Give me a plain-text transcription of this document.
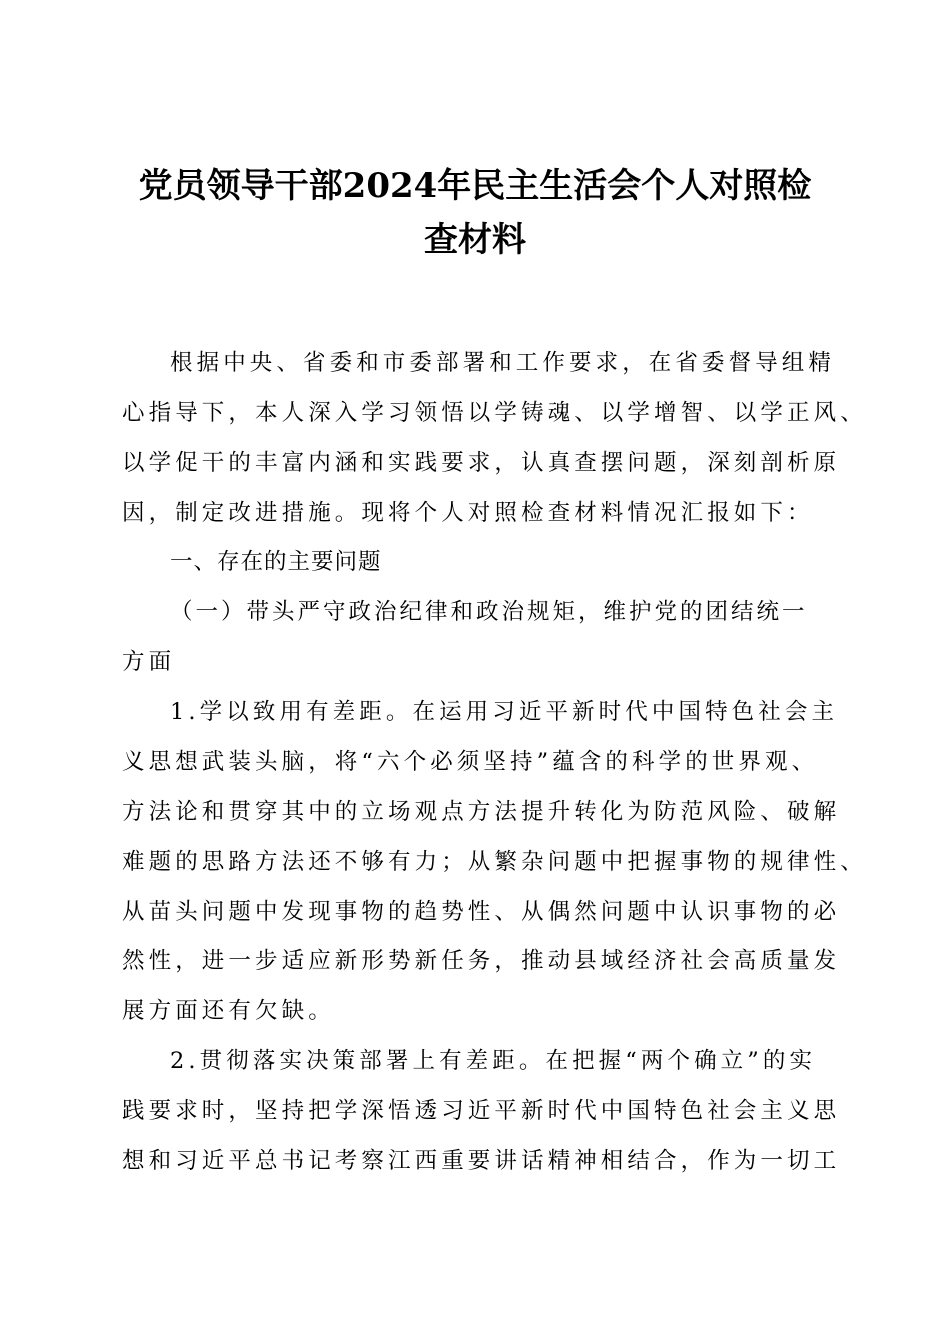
党员领导干部2024年民主生活会个人对照检
查材料
根据中央、省委和市委部署和工作要求，在省委督导组精
心指导下，本人深入学习领悟以学铸魂、以学增智、以学正风、
以学促干的丰富内涵和实践要求，认真查摆问题，深刻剖析原
因，制定改进措施。现将个人对照检查材料情况汇报如下：
一、存在的主要问题
（一）带头严守政治纪律和政治规矩，维护党的团结统一
方面
1.学以致用有差距。在运用习近平新时代中国特色社会主
义思想武装头脑，将“六个必须坚持”蕴含的科学的世界观、
方法论和贯穿其中的立场观点方法提升转化为防范风险、破解
难题的思路方法还不够有力；从繁杂问题中把握事物的规律性、
从苗头问题中发现事物的趋势性、从偶然问题中认识事物的必
然性，进一步适应新形势新任务，推动县域经济社会高质量发
展方面还有欠缺。
2.贯彻落实决策部署上有差距。在把握“两个确立”的实
践要求时，坚持把学深悟透习近平新时代中国特色社会主义思
想和习近平总书记考察江西重要讲话精神相结合，作为一切工
